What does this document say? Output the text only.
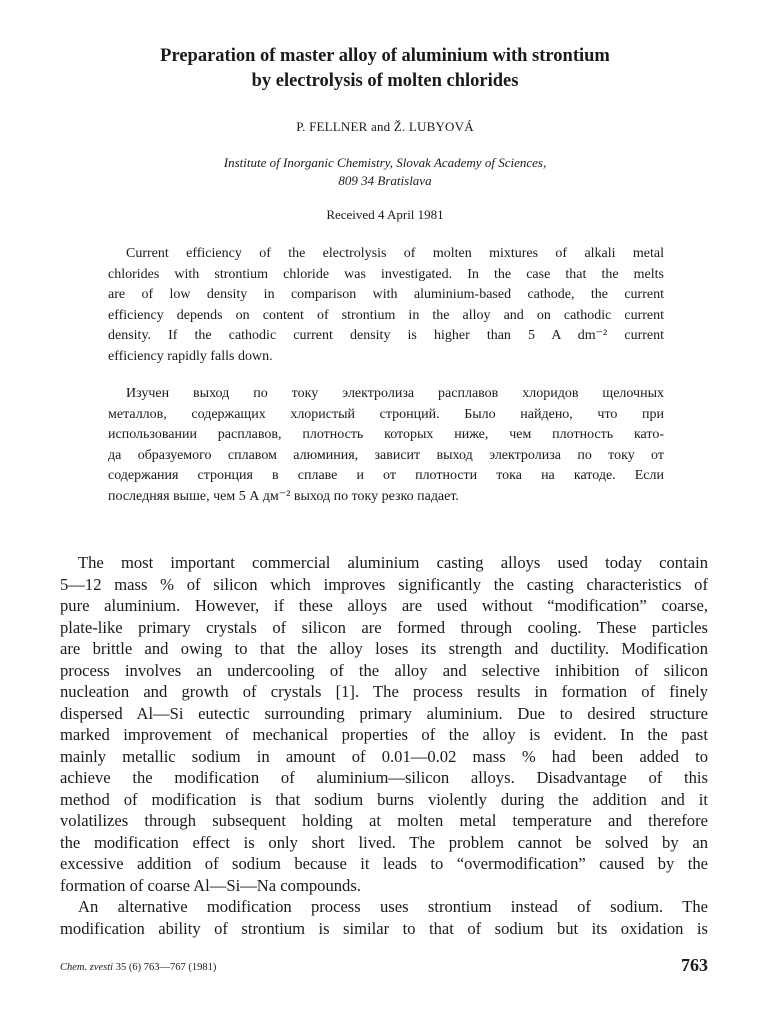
Preparation of master alloy of aluminium with strontium
by electrolysis of molten chlorides
P. FELLNER and Ž. LUBYOVÁ
Institute of Inorganic Chemistry, Slovak Academy of Sciences,
809 34 Bratislava
Received 4 April 1981
Current efficiency of the electrolysis of molten mixtures of alkali metal
chlorides with strontium chloride was investigated. In the case that the melts
are of low density in comparison with aluminium-based cathode, the current
efficiency depends on content of strontium in the alloy and on cathodic current
density. If the cathodic current density is higher than 5 A dm⁻² current
efficiency rapidly falls down.
Изучен выход по току электролиза расплавов хлоридов щелочных
металлов, содержащих хлористый стронций. Было найдено, что при
использовании расплавов, плотность которых ниже, чем плотность като-
да образуемого сплавом алюминия, зависит выход электролиза по току от
содержания стронция в сплаве и от плотности тока на катоде. Если
последняя выше, чем 5 А дм⁻² выход по току резко падает.
The most important commercial aluminium casting alloys used today contain
5—12 mass % of silicon which improves significantly the casting characteristics of
pure aluminium. However, if these alloys are used without “modification” coarse,
plate-like primary crystals of silicon are formed through cooling. These particles
are brittle and owing to that the alloy loses its strength and ductility. Modification
process involves an undercooling of the alloy and selective inhibition of silicon
nucleation and growth of crystals [1]. The process results in formation of finely
dispersed Al—Si eutectic surrounding primary aluminium. Due to desired structure
marked improvement of mechanical properties of the alloy is evident. In the past
mainly metallic sodium in amount of 0.01—0.02 mass % had been added to
achieve the modification of aluminium—silicon alloys. Disadvantage of this
method of modification is that sodium burns violently during the addition and it
volatilizes through subsequent holding at molten metal temperature and therefore
the modification effect is only short lived. The problem cannot be solved by an
excessive addition of sodium because it leads to “overmodification” caused by the
formation of coarse Al—Si—Na compounds.
An alternative modification process uses strontium instead of sodium. The
modification ability of strontium is similar to that of sodium but its oxidation is
Chem. zvesti 35 (6) 763—767 (1981)	763
